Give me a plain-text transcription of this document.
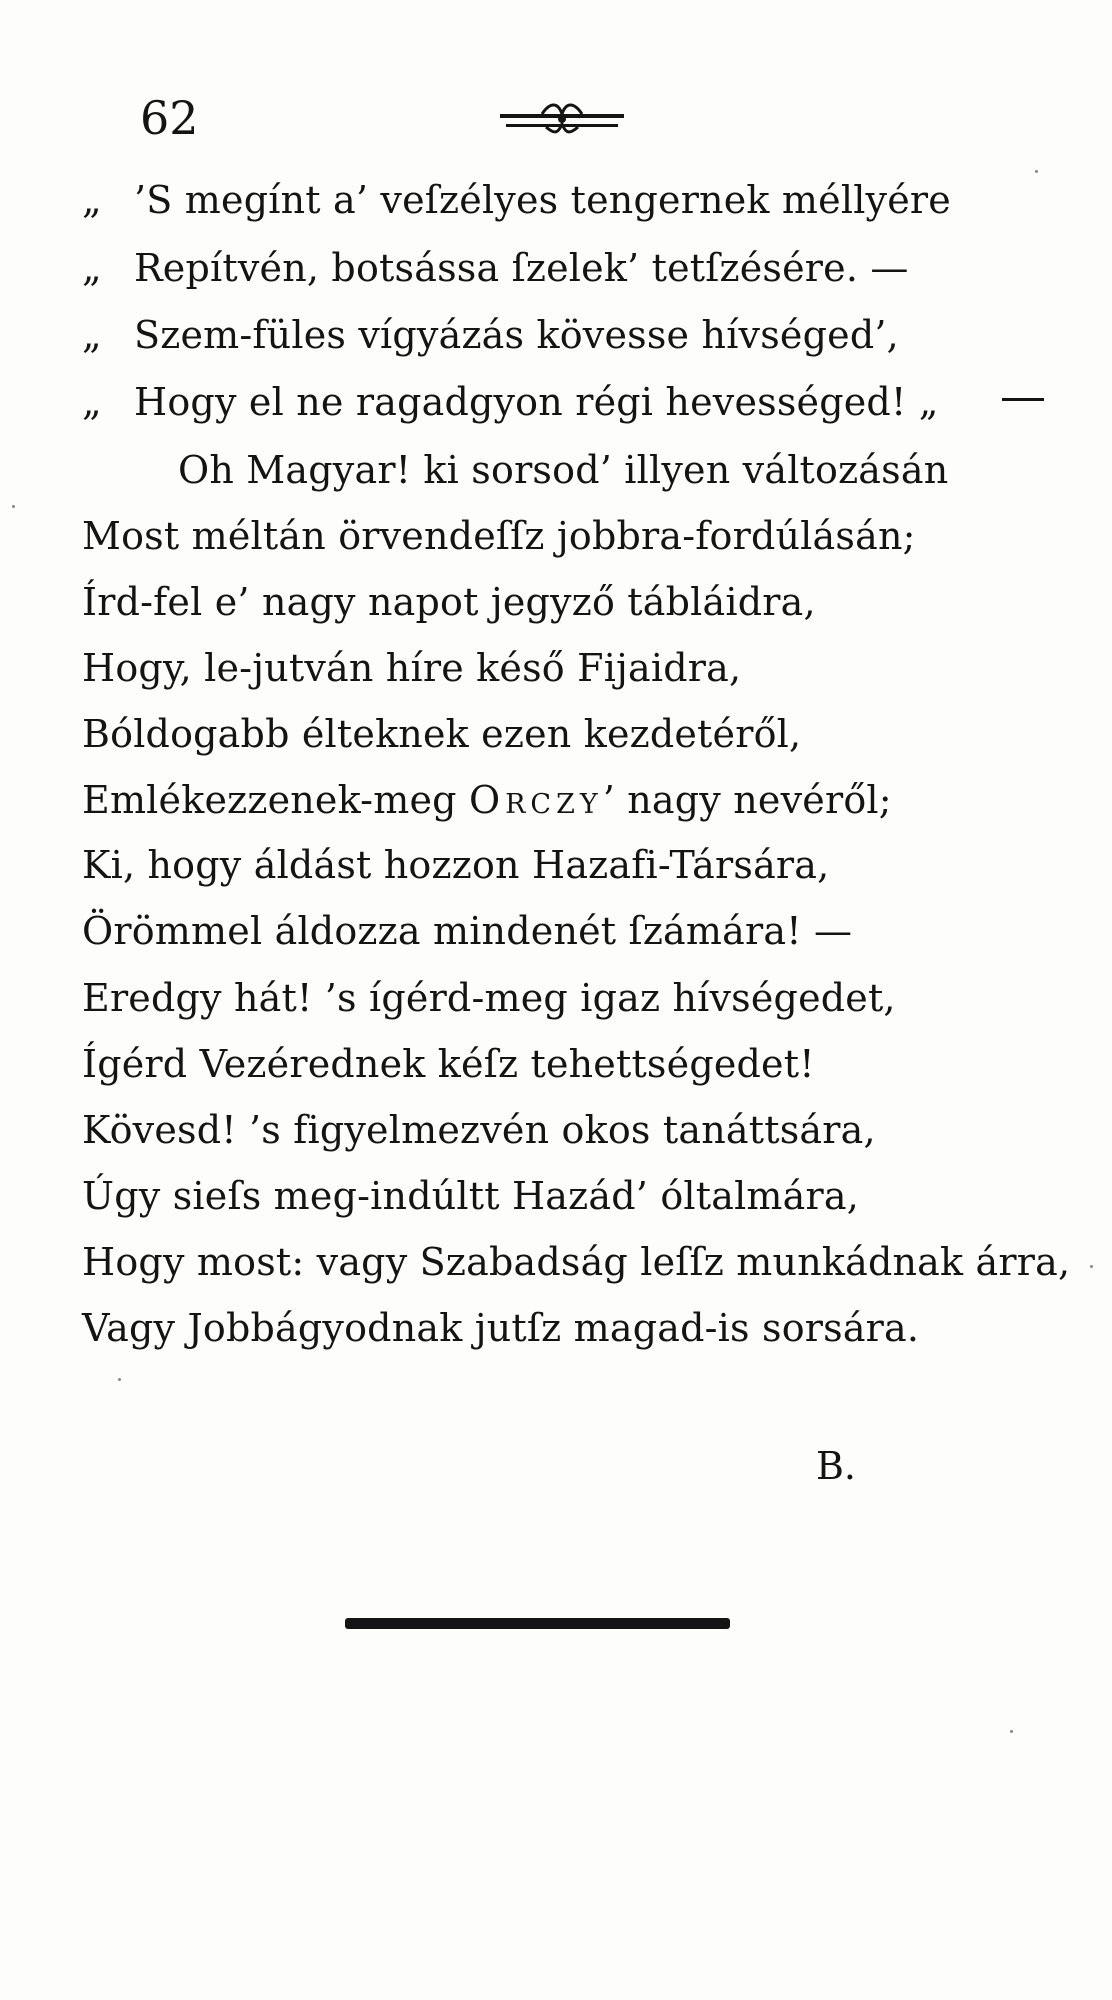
62
„ ’S megínt a’ veſzélyes tengernek méllyére
„ Repítvén, botsássa ſzelek’ tetſzésére. —
„ Szem-füles vígyázás kövesse hívséged’,
„ Hogy el ne ragadgyon régi hevességed! „
Oh Magyar! ki sorsod’ illyen változásán
Most méltán örvendeſſz jobbra-fordúlásán;
Írd-fel e’ nagy napot jegyző tábláidra,
Hogy, le-jutván híre késő Fijaidra,
Bóldogabb élteknek ezen kezdetéről,
Emlékezzenek-meg Orczy’ nagy nevéről;
Ki, hogy áldást hozzon Hazafi-Társára,
Örömmel áldozza mindenét ſzámára! —
Eredgy hát! ’s ígérd-meg igaz hívségedet,
Ígérd Vezérednek kéſz tehettségedet!
Kövesd! ’s figyelmezvén okos tanáttsára,
Úgy sieſs meg-indúltt Hazád’ óltalmára,
Hogy most: vagy Szabadság leſſz munkádnak árra,
Vagy Jobbágyodnak jutſz magad-is sorsára.
B.
